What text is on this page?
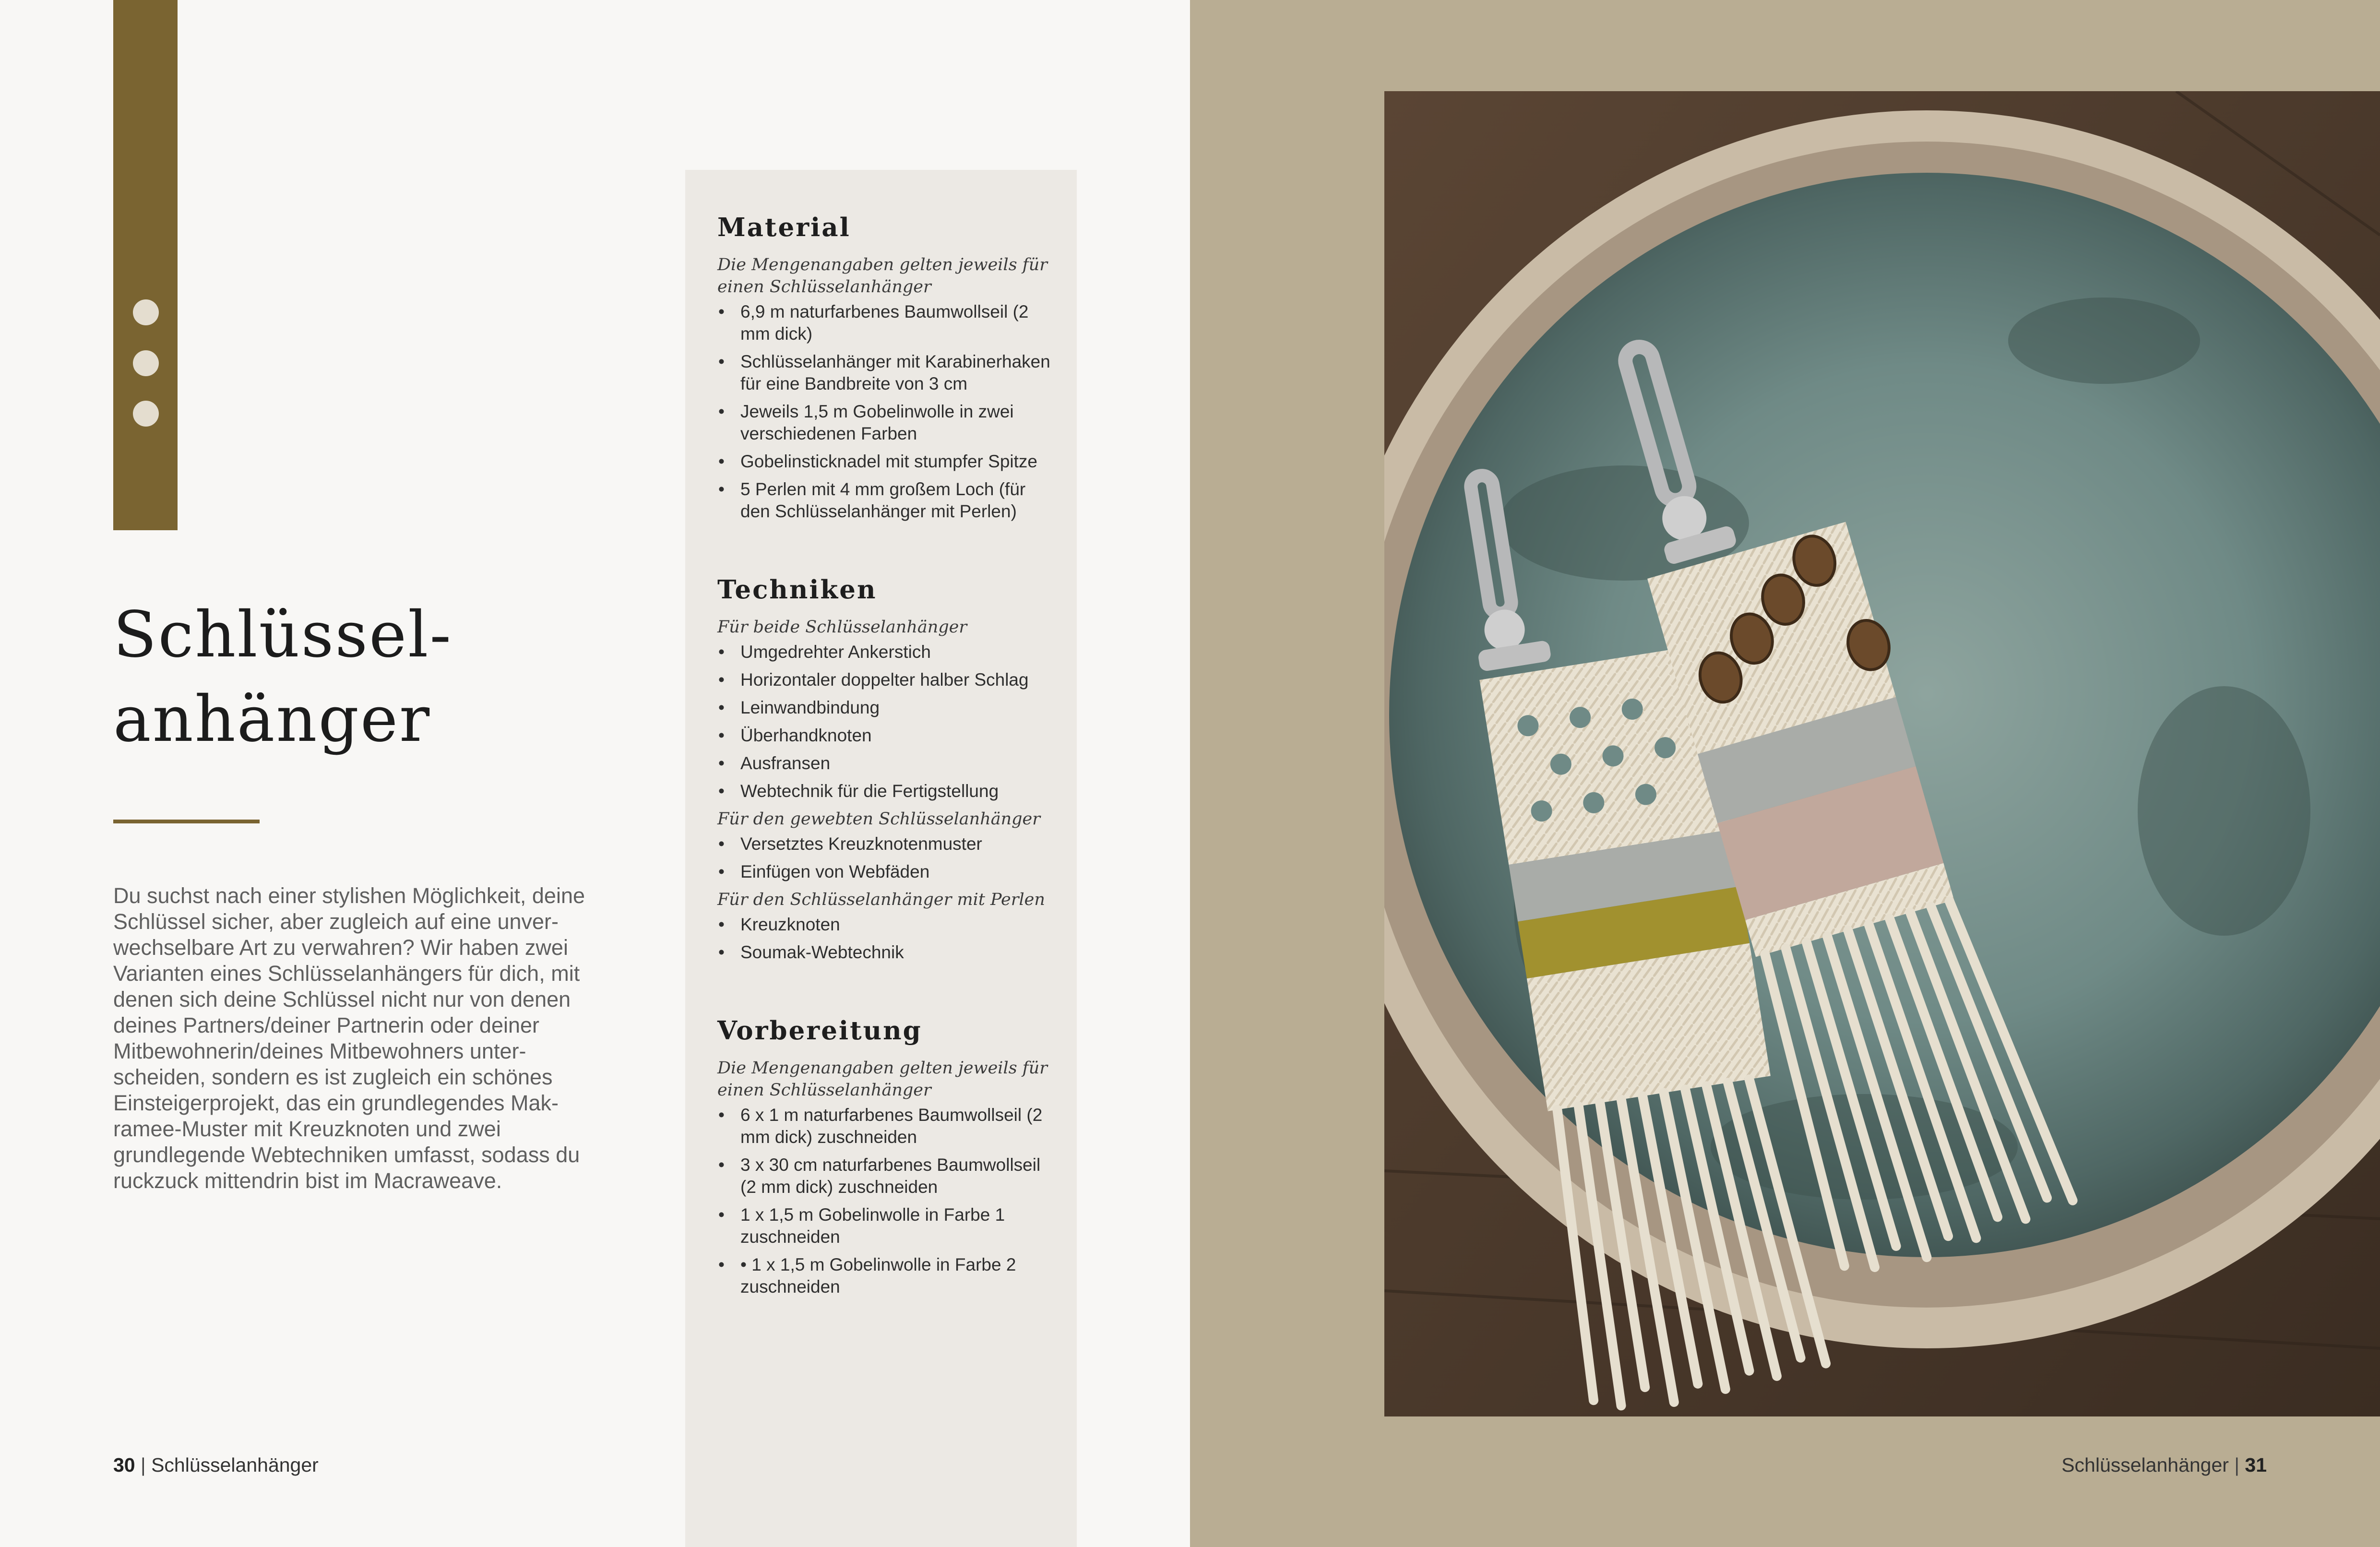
Schlüssel-
anhänger

Du suchst nach einer stylishen Möglichkeit, deine Schlüssel sicher, aber zugleich auf eine unver-wechselbare Art zu verwahren? Wir haben zwei Varianten eines Schlüsselanhängers für dich, mit denen sich deine Schlüssel nicht nur von denen deines Partners/deiner Partnerin oder deiner Mitbewohnerin/deines Mitbewohners unter-scheiden, sondern es ist zugleich ein schönes Einsteigerprojekt, das ein grundlegendes Mak-ramee-Muster mit Kreuzknoten und zwei grundlegende Webtechniken umfasst, sodass du ruckzuck mittendrin bist im Macraweave.

30 | Schlüsselanhänger
Material
Die Mengenangaben gelten jeweils für einen Schlüsselanhänger
• 6,9 m naturfarbenes Baumwollseil (2 mm dick)
• Schlüsselanhänger mit Karabinerhaken für eine Bandbreite von 3 cm
• Jeweils 1,5 m Gobelinwolle in zwei verschiedenen Farben
• Gobelinsticknadel mit stumpfer Spitze
• 5 Perlen mit 4 mm großem Loch (für den Schlüsselanhänger mit Perlen)
Techniken
Für beide Schlüsselanhänger
• Umgedrehter Ankerstich
• Horizontaler doppelter halber Schlag
• Leinwandbindung
• Überhandknoten
• Ausfransen
• Webtechnik für die Fertigstellung
Für den gewebten Schlüsselanhänger
• Versetztes Kreuzknotenmuster
• Einfügen von Webfäden
Für den Schlüsselanhänger mit Perlen
• Kreuzknoten
• Soumak-Webtechnik
Vorbereitung
Die Mengenangaben gelten jeweils für einen Schlüsselanhänger
• 6 x 1 m naturfarbenes Baumwollseil (2 mm dick) zuschneiden
• 3 x 30 cm naturfarbenes Baumwollseil (2 mm dick) zuschneiden
• 1 x 1,5 m Gobelinwolle in Farbe 1 zuschneiden
• • 1 x 1,5 m Gobelinwolle in Farbe 2 zuschneiden
Schlüsselanhänger | 31
